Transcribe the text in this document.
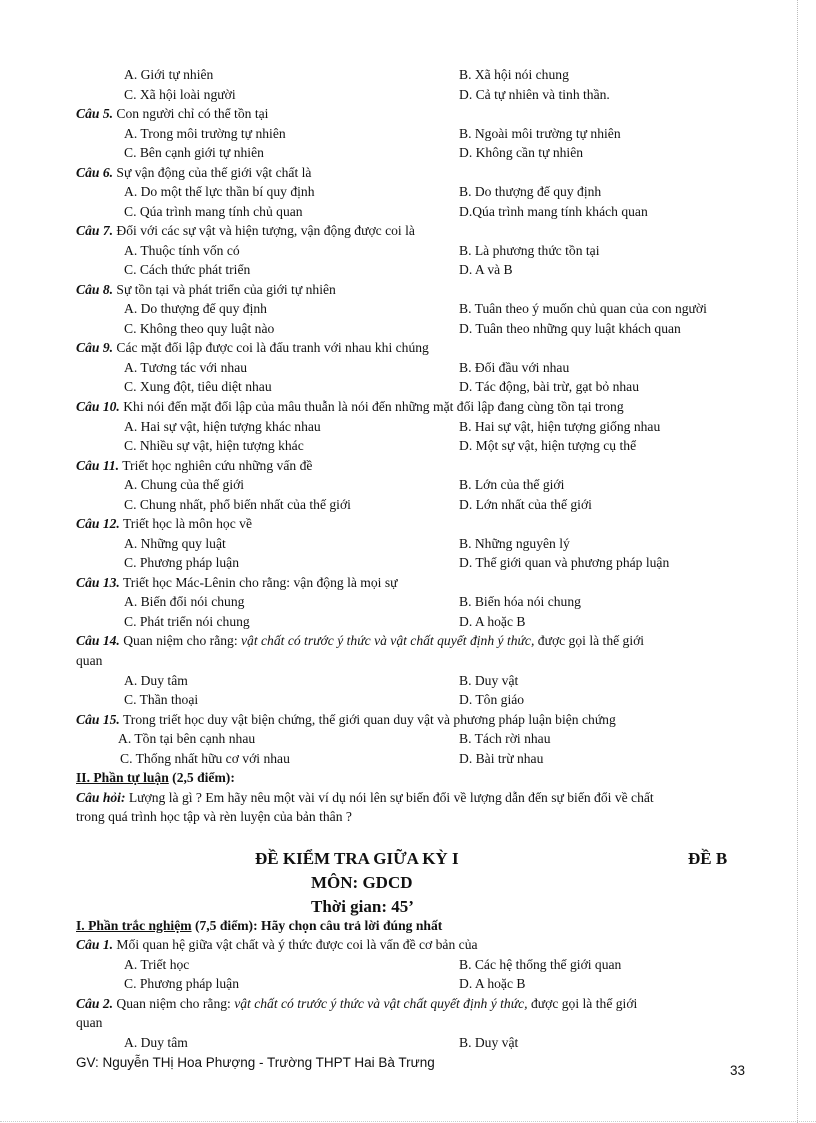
A. Giới tự nhiên	B. Xã hội nói chung
C. Xã hội loài người	D. Cả tự nhiên và tinh thần.
Câu 5. Con người chỉ có thể tồn tại
A. Trong môi trường tự nhiên	B. Ngoài môi trường tự nhiên
C. Bên cạnh giới tự nhiên	D. Không cần tự nhiên
Câu 6. Sự vận động của thế giới vật chất là
A. Do một thế lực thần bí quy định	B. Do thượng đế quy định
C. Qúa trình mang tính chủ quan	D.Qúa trình mang tính khách quan
Câu 7. Đối với các sự vật và hiện tượng, vận động được coi là
A. Thuộc tính vốn có	B. Là phương thức tồn tại
C. Cách thức phát triển	D. A và B
Câu 8. Sự tồn tại và phát triển của giới tự nhiên
A. Do thượng đế quy định	B. Tuân theo ý muốn chủ quan của con người
C. Không theo quy luật nào	D. Tuân theo những quy luật khách quan
Câu 9. Các mặt đối lập được coi là đấu tranh với nhau khi chúng
A. Tương tác với nhau	B. Đối đầu với nhau
C. Xung đột, tiêu diệt nhau	D. Tác động, bài trừ, gạt bỏ nhau
Câu 10. Khi nói đến mặt đối lập của mâu thuẫn là nói đến những mặt đối lập đang cùng tồn tại trong
A. Hai sự vật, hiện tượng khác nhau	B. Hai sự vật, hiện tượng giống nhau
C. Nhiều sự vật, hiện tượng khác	D. Một sự vật, hiện tượng cụ thể
Câu 11. Triết học nghiên cứu những vấn đề
A. Chung của thế giới	B. Lớn của thế giới
C. Chung nhất, phổ biến nhất của thế giới	D. Lớn nhất của thế giới
Câu 12. Triết học là môn học về
A. Những quy luật	B. Những nguyên lý
C. Phương pháp luận	D. Thế giới quan và phương pháp luận
Câu 13. Triết học Mác-Lênin cho rằng: vận động là mọi sự
A. Biến đổi nói chung	B. Biến hóa nói chung
C. Phát triển nói chung	D. A hoặc B
Câu 14. Quan niệm cho rằng: vật chất có trước ý thức và vật chất quyết định ý thức, được gọi là thế giới
quan
A. Duy tâm	B. Duy vật
C. Thần thoại	D. Tôn giáo
Câu 15. Trong triết học duy vật biện chứng, thế giới quan duy vật và phương pháp luận biện chứng
A. Tồn tại bên cạnh nhau	B. Tách rời nhau
C. Thống nhất hữu cơ với nhau	D. Bài trừ nhau
II. Phần tự luận (2,5 điểm):
Câu hỏi: Lượng là gì ? Em hãy nêu một vài ví dụ nói lên sự biến đổi về lượng dẫn đến sự biến đổi về chất
trong quá trình học tập và rèn luyện của bản thân ?
ĐỀ KIỂM TRA GIỮA KỲ I	ĐỀ B
MÔN: GDCD
Thời gian: 45’
I. Phần trắc nghiệm (7,5 điểm): Hãy chọn câu trả lời đúng nhất
Câu 1. Mối quan hệ giữa vật chất và ý thức được coi là vấn đề cơ bản của
A. Triết học	B. Các hệ thống thế giới quan
C. Phương pháp luận	D. A hoặc B
Câu 2. Quan niệm cho rằng: vật chất có trước ý thức và vật chất quyết định ý thức, được gọi là thế giới
quan
A. Duy tâm	B. Duy vật
GV: Nguyễn THị Hoa Phượng - Trường THPT Hai Bà Trưng
33
